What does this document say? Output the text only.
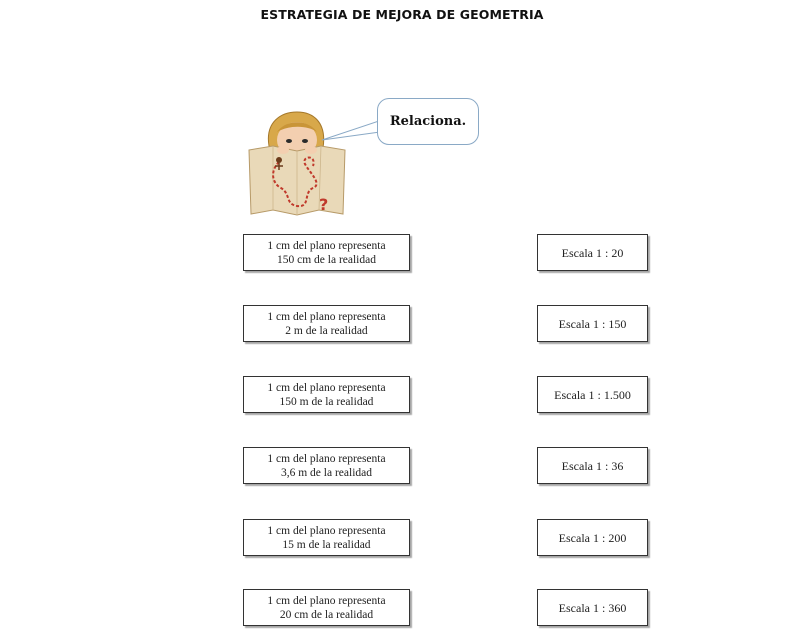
ESTRATEGIA DE MEJORA DE GEOMETRIA
?
Relaciona.
1 cm del plano representa
150 cm de la realidad
1 cm del plano representa
2 m de la realidad
1 cm del plano representa
150 m de la realidad
1 cm del plano representa
3,6 m de la realidad
1 cm del plano representa
15 m de la realidad
1 cm del plano representa
20 cm de la realidad
Escala 1 : 20
Escala 1 : 150
Escala 1 : 1.500
Escala 1 : 36
Escala 1 : 200
Escala 1 : 360
